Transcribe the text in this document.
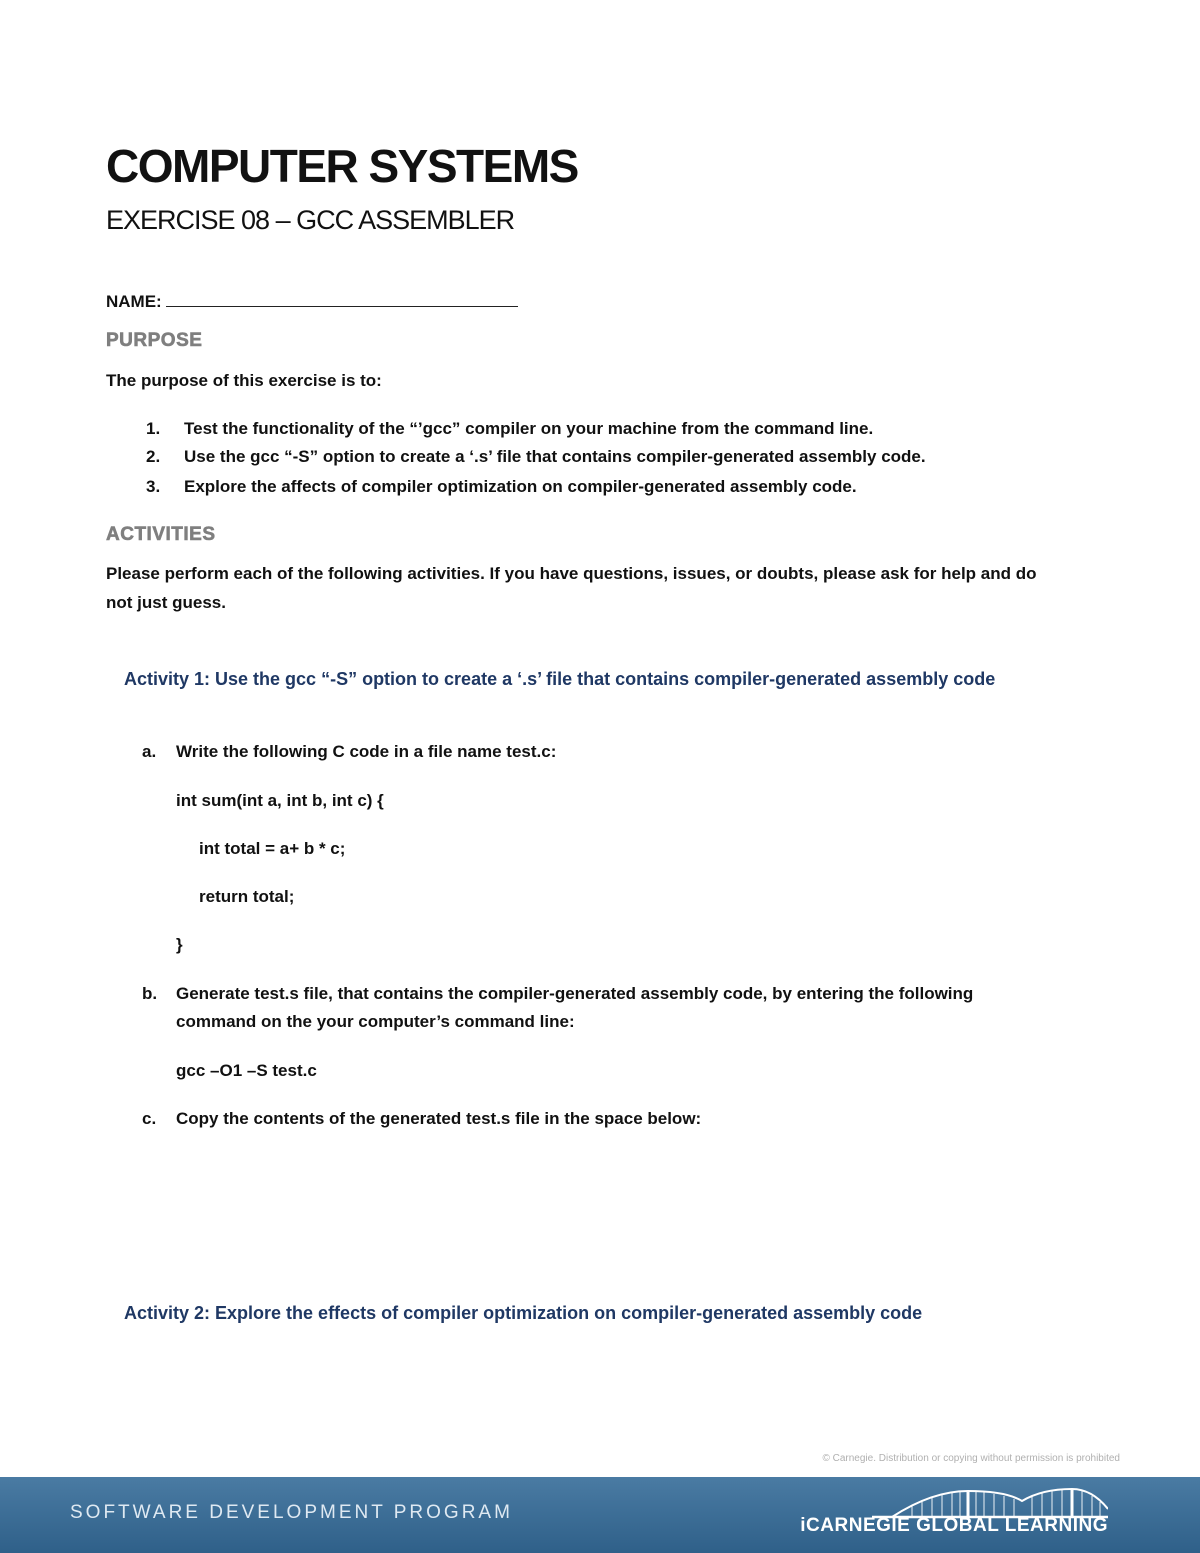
COMPUTER SYSTEMS
EXERCISE 08 – GCC ASSEMBLER
NAME:
PURPOSE
The purpose of this exercise is to:
1. Test the functionality of the “’gcc” compiler on your machine from the command line.
2. Use the gcc “-S” option to create a ‘.s’ file that contains compiler-generated assembly code.
3. Explore the affects of compiler optimization on compiler-generated assembly code.
ACTIVITIES
Please perform each of the following activities. If you have questions, issues, or doubts, please ask for help and do
not just guess.
Activity 1: Use the gcc “-S” option to create a ‘.s’ file that contains compiler-generated assembly code
a. Write the following C code in a file name test.c:
int sum(int a, int b, int c) {
int total = a+ b * c;
return total;
}
b. Generate test.s file, that contains the compiler-generated assembly code, by entering the following
command on the your computer’s command line:
gcc –O1 –S test.c
c. Copy the contents of the generated test.s file in the space below:
Activity 2: Explore the effects of compiler optimization on compiler-generated assembly code
© Carnegie. Distribution or copying without permission is prohibited
SOFTWARE DEVELOPMENT PROGRAM
iCARNEGIE GLOBAL LEARNING
